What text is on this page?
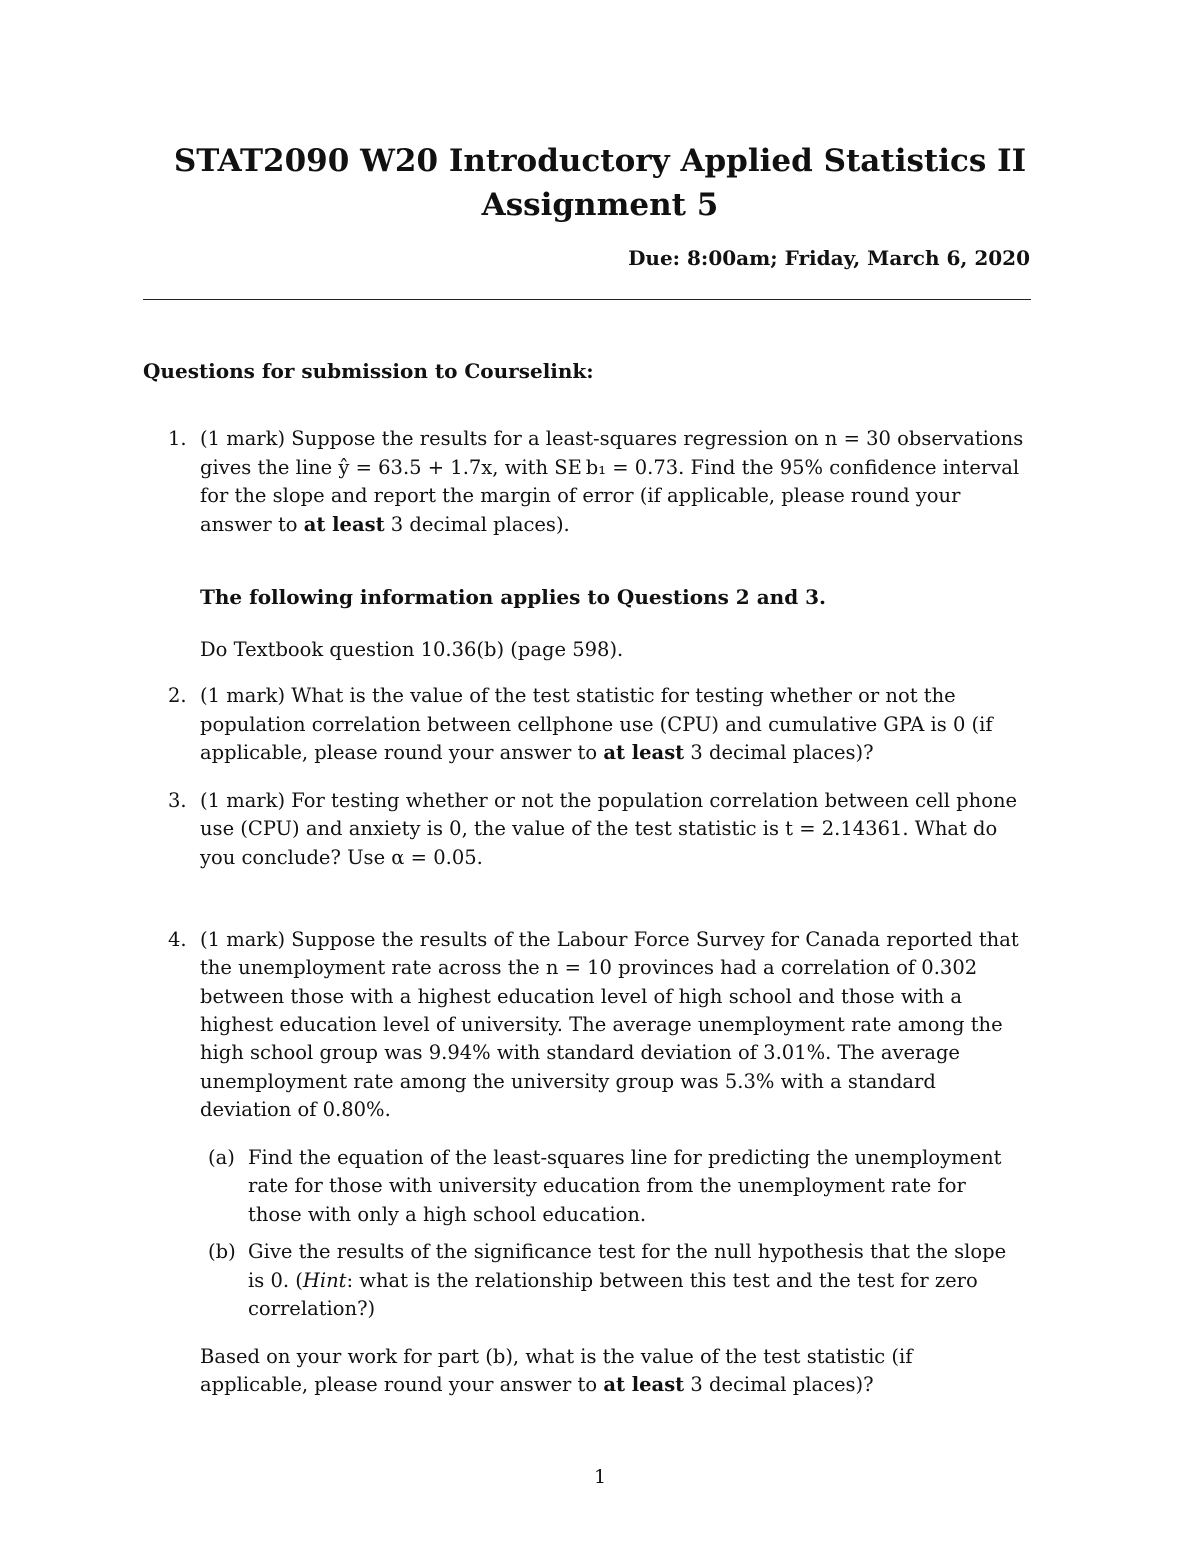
STAT2090 W20 Introductory Applied Statistics II
Assignment 5

Due: 8:00am; Friday, March 6, 2020

Questions for submission to Courselink:

1. (1 mark) Suppose the results for a least-squares regression on n = 30 observations

gives the line ŷ = 63.5 + 1.7x, with SE b₁ = 0.73. Find the 95% confidence interval

for the slope and report the margin of error (if applicable, please round your

answer to at least 3 decimal places).

The following information applies to Questions 2 and 3.

Do Textbook question 10.36(b) (page 598).

2. (1 mark) What is the value of the test statistic for testing whether or not the

population correlation between cellphone use (CPU) and cumulative GPA is 0 (if

applicable, please round your answer to at least 3 decimal places)?

3. (1 mark) For testing whether or not the population correlation between cell phone

use (CPU) and anxiety is 0, the value of the test statistic is t = 2.14361. What do

you conclude? Use α = 0.05.

4. (1 mark) Suppose the results of the Labour Force Survey for Canada reported that

the unemployment rate across the n = 10 provinces had a correlation of 0.302

between those with a highest education level of high school and those with a

highest education level of university. The average unemployment rate among the

high school group was 9.94% with standard deviation of 3.01%. The average

unemployment rate among the university group was 5.3% with a standard

deviation of 0.80%.

(a) Find the equation of the least-squares line for predicting the unemployment

rate for those with university education from the unemployment rate for

those with only a high school education.

(b) Give the results of the significance test for the null hypothesis that the slope

is 0. (Hint: what is the relationship between this test and the test for zero

correlation?)

Based on your work for part (b), what is the value of the test statistic (if

applicable, please round your answer to at least 3 decimal places)?

1
